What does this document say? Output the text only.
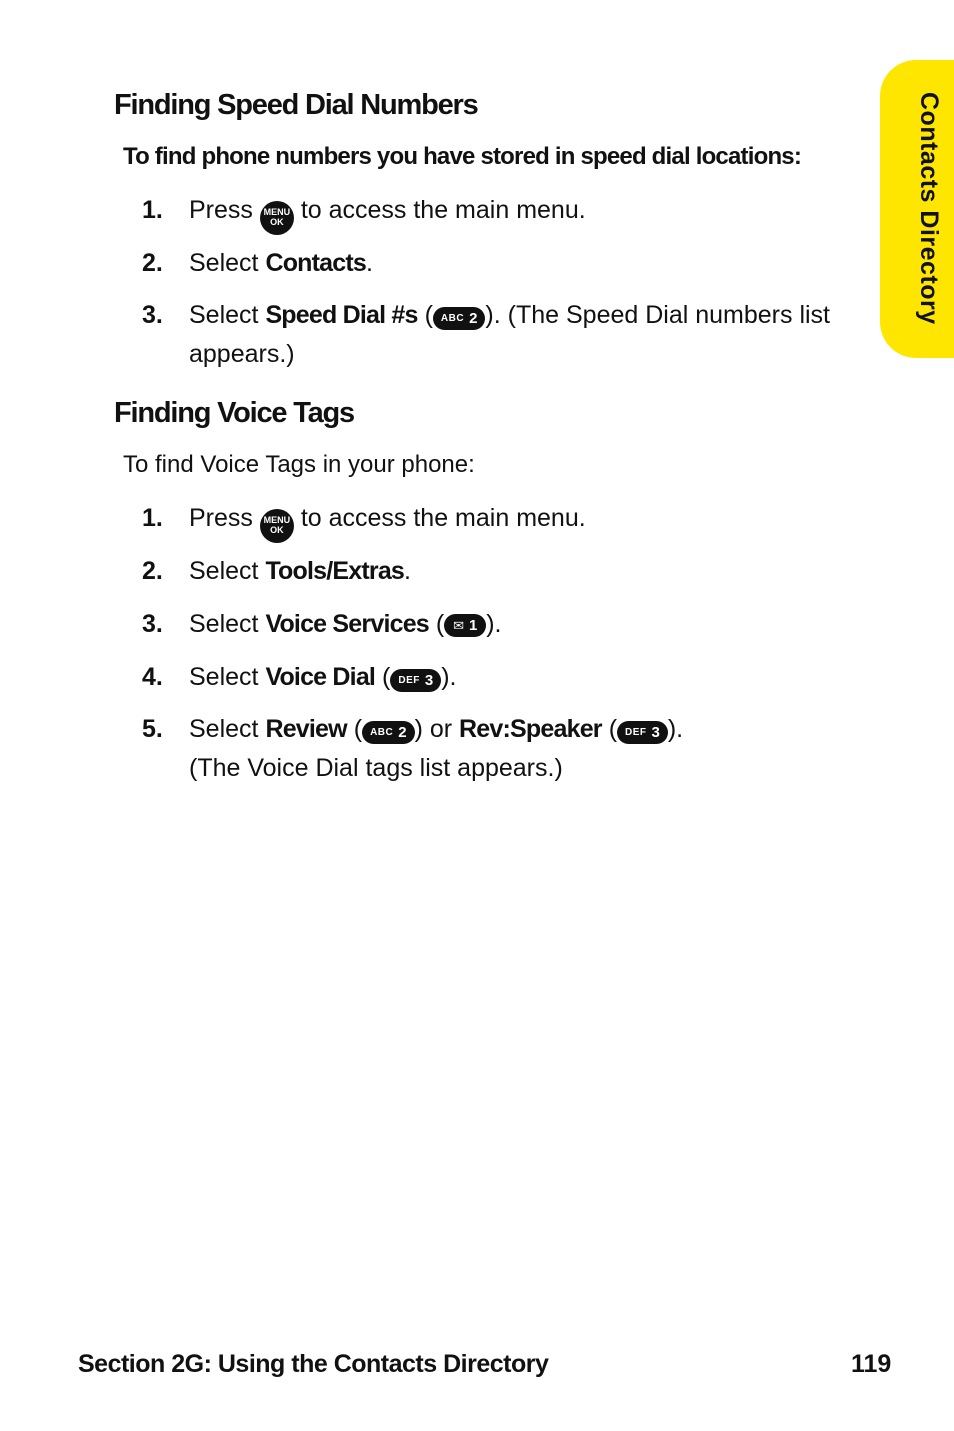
Contacts Directory
Finding Speed Dial Numbers

To find phone numbers you have stored in speed dial locations:

1. Press MENU
OK to access the main menu.
2. Select Contacts.
3. Select Speed Dial #s ( ABC 2 ). (The Speed Dial numbers list appears.)
Finding Voice Tags

To find Voice Tags in your phone:

1. Press MENU
OK to access the main menu.
2. Select Tools/Extras.
3. Select Voice Services ( ✉ 1 ).
4. Select Voice Dial ( DEF 3 ).
5. Select Review ( ABC 2 ) or Rev:Speaker ( DEF 3 ).
(The Voice Dial tags list appears.)
Section 2G: Using the Contacts Directory	119
